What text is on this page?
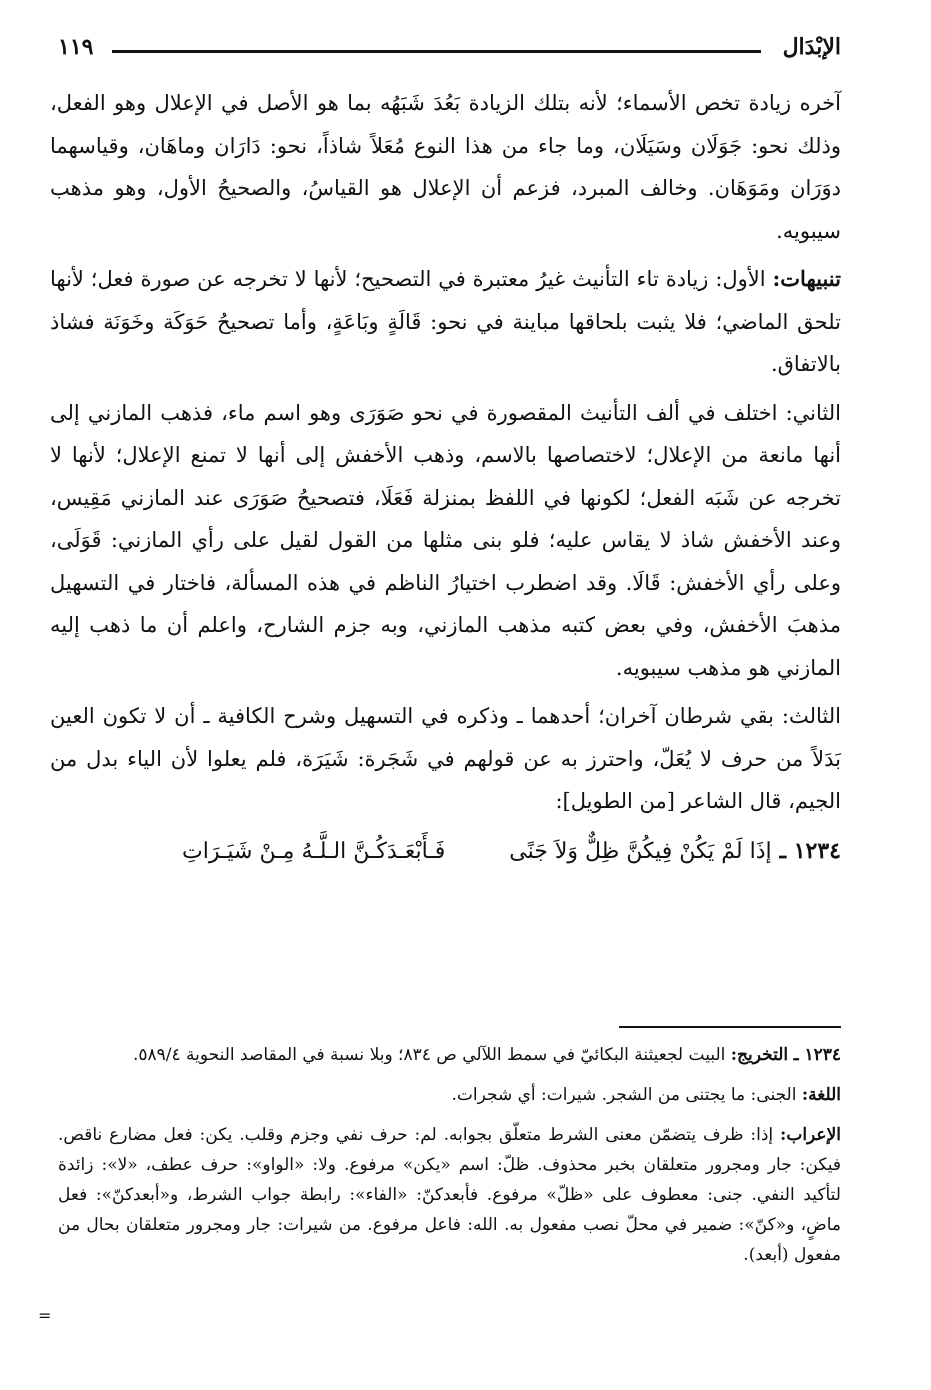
الإبْدَال
١١٩

آخره زيادة تخص الأسماء؛ لأنه بتلك الزيادة بَعُدَ شَبَهُه بما هو الأصل في الإعلال وهو الفعل، وذلك نحو: جَوَلَان وسَيَلَان، وما جاء من هذا النوع مُعَلاً شاذاً، نحو: دَارَان وماهَان، وقياسهما دوَرَان ومَوَهَان. وخالف المبرد، فزعم أن الإعلال هو القياسُ، والصحيحُ الأول، وهو مذهب سيبويه.

تنبيهات: الأول: زيادة تاء التأنيث غيرُ معتبرة في التصحيح؛ لأنها لا تخرجه عن صورة فعل؛ لأنها تلحق الماضي؛ فلا يثبت بلحاقها مباينة في نحو: قَالَةٍ وبَاعَةٍ، وأما تصحيحُ حَوَكَة وخَوَنَة فشاذ بالاتفاق.

الثاني: اختلف في ألف التأنيث المقصورة في نحو صَوَرَى وهو اسم ماء، فذهب المازني إلى أنها مانعة من الإعلال؛ لاختصاصها بالاسم، وذهب الأخفش إلى أنها لا تمنع الإعلال؛ لأنها لا تخرجه عن شَبَه الفعل؛ لكونها في اللفظ بمنزلة فَعَلَا، فتصحيحُ صَوَرَى عند المازني مَقِيس، وعند الأخفش شاذ لا يقاس عليه؛ فلو بنى مثلها من القول لقيل على رأي المازني: قَوَلَى، وعلى رأي الأخفش: قَالَا. وقد اضطرب اختيارُ الناظم في هذه المسألة، فاختار في التسهيل مذهبَ الأخفش، وفي بعض كتبه مذهب المازني، وبه جزم الشارح، واعلم أن ما ذهب إليه المازني هو مذهب سيبويه.

الثالث: بقي شرطان آخران؛ أحدهما ـ وذكره في التسهيل وشرح الكافية ـ أن لا تكون العين بَدَلاً من حرف لا يُعَلّ، واحترز به عن قولهم في شَجَرة: شَيَرَة، فلم يعلوا لأن الياء بدل من الجيم، قال الشاعر [من الطويل]:

١٢٣٤ ـ
إذَا لَمْ يَكُنْ فِيكُنَّ ظِلٌّ وَلاَ جَنًى
فَـأَبْعَـدَكُـنَّ الـلَّـهُ مِـنْ شَيَـرَاتِ

١٢٣٤ ـ التخريج: البيت لجعيثنة البكائيّ في سمط اللآلي ص ٨٣٤؛ وبلا نسبة في المقاصد النحوية ٥٨٩/٤.

اللغة: الجنى: ما يجتنى من الشجر. شيرات: أي شجرات.

الإعراب: إذا: ظرف يتضمّن معنى الشرط متعلّق بجوابه. لم: حرف نفي وجزم وقلب. يكن: فعل مضارع ناقص. فيكن: جار ومجرور متعلقان بخبر محذوف. ظلّ: اسم «يكن» مرفوع. ولا: «الواو»: حرف عطف، «لا»: زائدة لتأكيد النفي. جنى: معطوف على «ظلّ» مرفوع. فأبعدكنّ: «الفاء»: رابطة جواب الشرط، و«أبعدكنّ»: فعل ماضٍ، و«كنّ»: ضمير في محلّ نصب مفعول به. الله: فاعل مرفوع. من شيرات: جار ومجرور متعلقان بحال من مفعول (أبعد).

=
